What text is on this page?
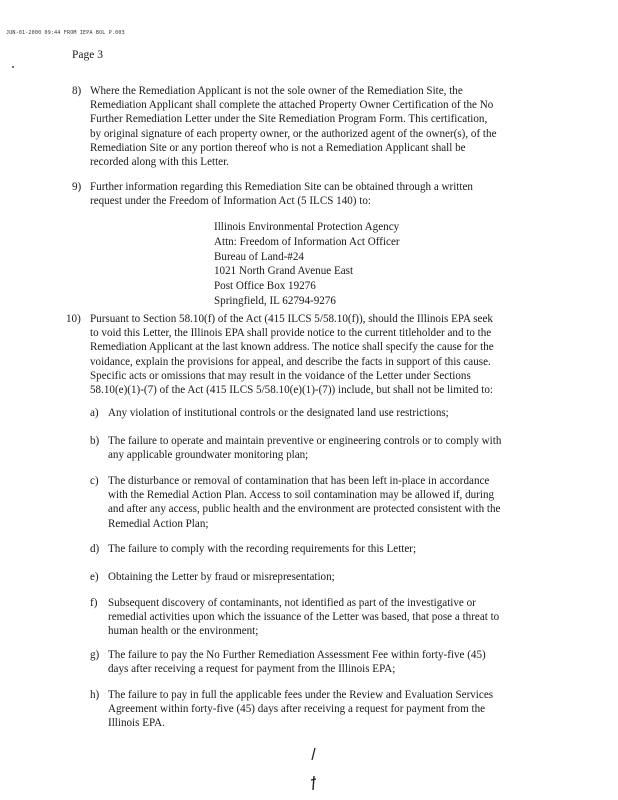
JUN-01-2000 09:44 FROM IEPA BOL P.003
Page 3
8) Where the Remediation Applicant is not the sole owner of the Remediation Site, the
Remediation Applicant shall complete the attached Property Owner Certification of the No
Further Remediation Letter under the Site Remediation Program Form. This certification,
by original signature of each property owner, or the authorized agent of the owner(s), of the
Remediation Site or any portion thereof who is not a Remediation Applicant shall be
recorded along with this Letter.
9) Further information regarding this Remediation Site can be obtained through a written
request under the Freedom of Information Act (5 ILCS 140) to:
Illinois Environmental Protection Agency
Attn: Freedom of Information Act Officer
Bureau of Land-#24
1021 North Grand Avenue East
Post Office Box 19276
Springfield, IL 62794-9276
10) Pursuant to Section 58.10(f) of the Act (415 ILCS 5/58.10(f)), should the Illinois EPA seek
to void this Letter, the Illinois EPA shall provide notice to the current titleholder and to the
Remediation Applicant at the last known address. The notice shall specify the cause for the
voidance, explain the provisions for appeal, and describe the facts in support of this cause.
Specific acts or omissions that may result in the voidance of the Letter under Sections
58.10(e)(1)-(7) of the Act (415 ILCS 5/58.10(e)(1)-(7)) include, but shall not be limited to:
a) Any violation of institutional controls or the designated land use restrictions;
b) The failure to operate and maintain preventive or engineering controls or to comply with
any applicable groundwater monitoring plan;
c) The disturbance or removal of contamination that has been left in-place in accordance
with the Remedial Action Plan. Access to soil contamination may be allowed if, during
and after any access, public health and the environment are protected consistent with the
Remedial Action Plan;
d) The failure to comply with the recording requirements for this Letter;
e) Obtaining the Letter by fraud or misrepresentation;
f) Subsequent discovery of contaminants, not identified as part of the investigative or
remedial activities upon which the issuance of the Letter was based, that pose a threat to
human health or the environment;
g) The failure to pay the No Further Remediation Assessment Fee within forty-five (45)
days after receiving a request for payment from the Illinois EPA;
h) The failure to pay in full the applicable fees under the Review and Evaluation Services
Agreement within forty-five (45) days after receiving a request for payment from the
Illinois EPA.
